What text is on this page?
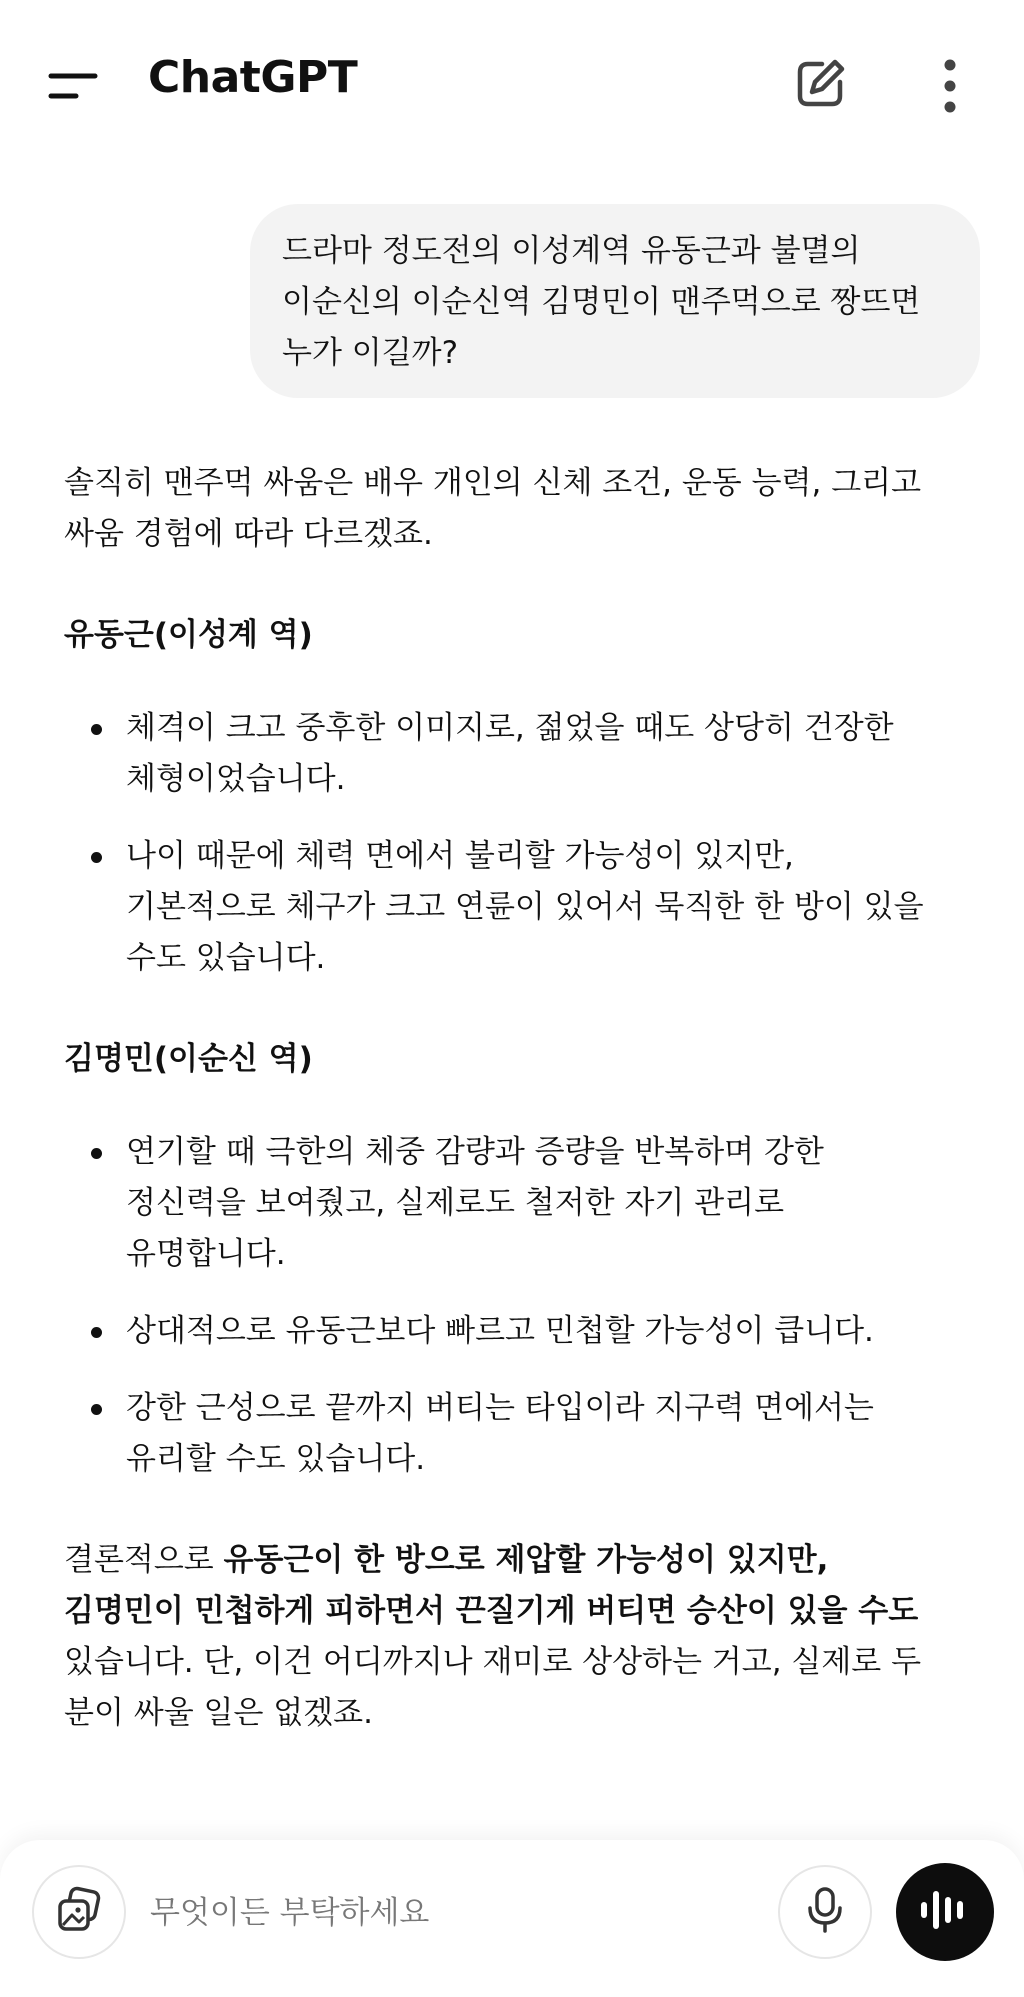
ChatGPT

드라마 정도전의 이성계역 유동근과 불멸의

이순신의 이순신역 김명민이 맨주먹으로 짱뜨면

누가 이길까?

솔직히 맨주먹 싸움은 배우 개인의 신체 조건, 운동 능력, 그리고

싸움 경험에 따라 다르겠죠.

유동근(이성계 역)

체격이 크고 중후한 이미지로, 젊었을 때도 상당히 건장한

체형이었습니다.

나이 때문에 체력 면에서 불리할 가능성이 있지만,

기본적으로 체구가 크고 연륜이 있어서 묵직한 한 방이 있을

수도 있습니다.

김명민(이순신 역)

연기할 때 극한의 체중 감량과 증량을 반복하며 강한

정신력을 보여줬고, 실제로도 철저한 자기 관리로

유명합니다.

상대적으로 유동근보다 빠르고 민첩할 가능성이 큽니다.

강한 근성으로 끝까지 버티는 타입이라 지구력 면에서는

유리할 수도 있습니다.

결론적으로 유동근이 한 방으로 제압할 가능성이 있지만,

김명민이 민첩하게 피하면서 끈질기게 버티면 승산이 있을 수도

있습니다. 단, 이건 어디까지나 재미로 상상하는 거고, 실제로 두

분이 싸울 일은 없겠죠.

무엇이든 부탁하세요
